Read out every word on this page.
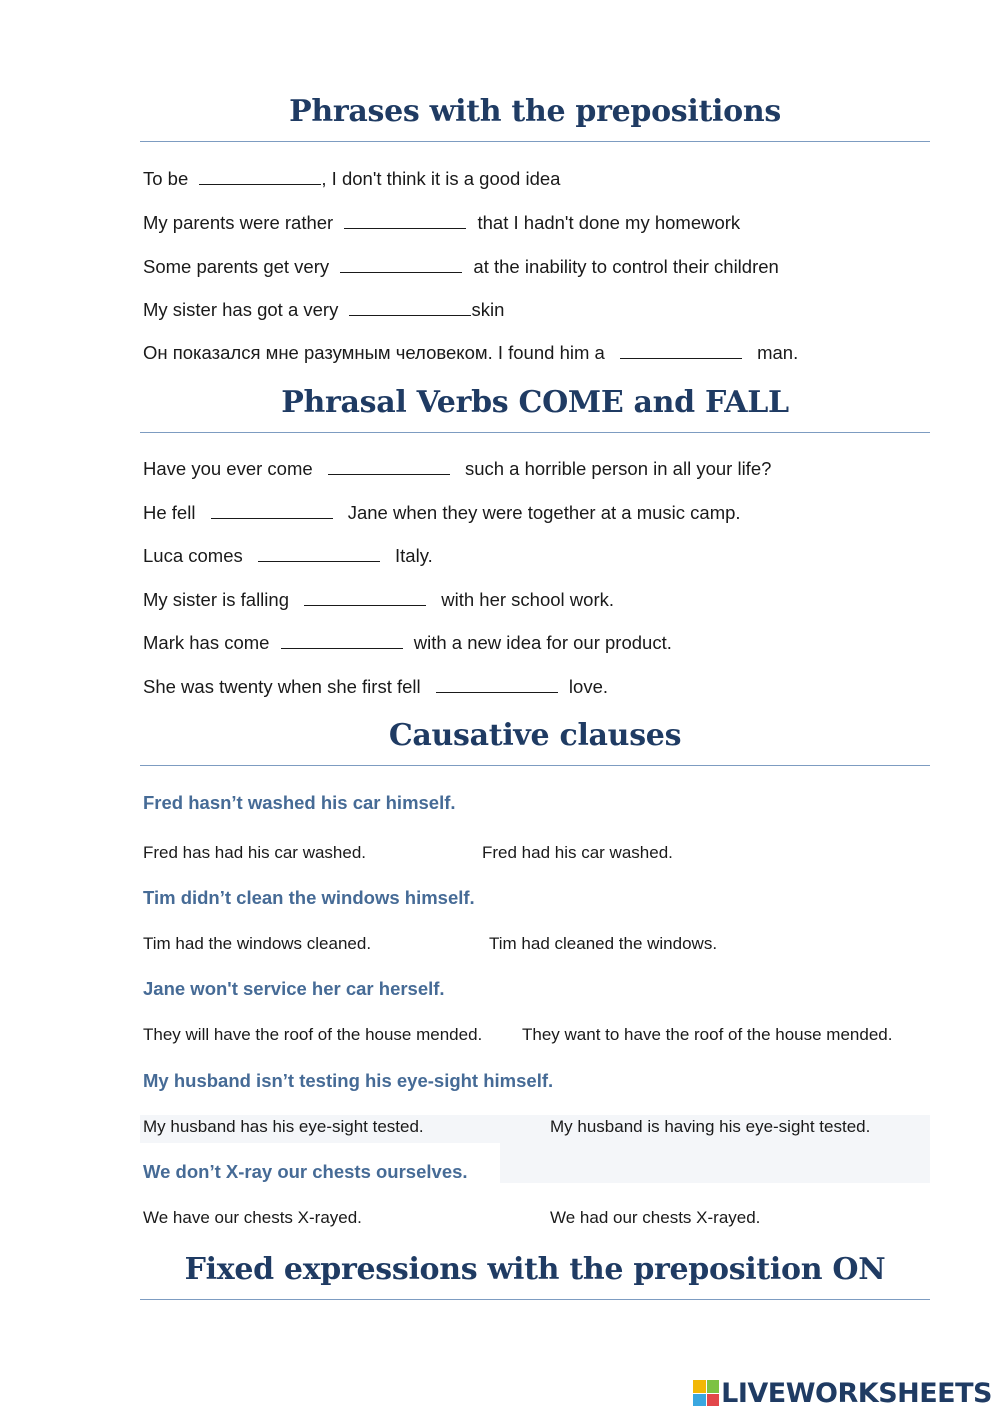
Phrases with the prepositions
To be	, I don't think it is a good idea
My parents were rather	that I hadn't done my homework
Some parents get very	at the inability to control their children
My sister has got a very	skin
Он показался мне разумным человеком. I found him a	man.
Phrasal Verbs COME and FALL
Have you ever come	such a horrible person in all your life?
He fell	Jane when they were together at a music camp.
Luca comes	Italy.
My sister is falling	with her school work.
Mark has come	with a new idea for our product.
She was twenty when she first fell	love.
Causative clauses
Fred hasn’t washed his car himself.
Fred has had his car washed.	Fred had his car washed.
Tim didn’t clean the windows himself.
Tim had the windows cleaned.	Tim had cleaned the windows.
Jane won't service her car herself.
They will have the roof of the house mended. They want to have the roof of the house mended.
My husband isn’t testing his eye-sight himself.
My husband has his eye-sight tested.	My husband is having his eye-sight tested.
We don’t X-ray our chests ourselves.
We have our chests X-rayed.	We had our chests X-rayed.
Fixed expressions with the preposition ON
LIVEWORKSHEETS
